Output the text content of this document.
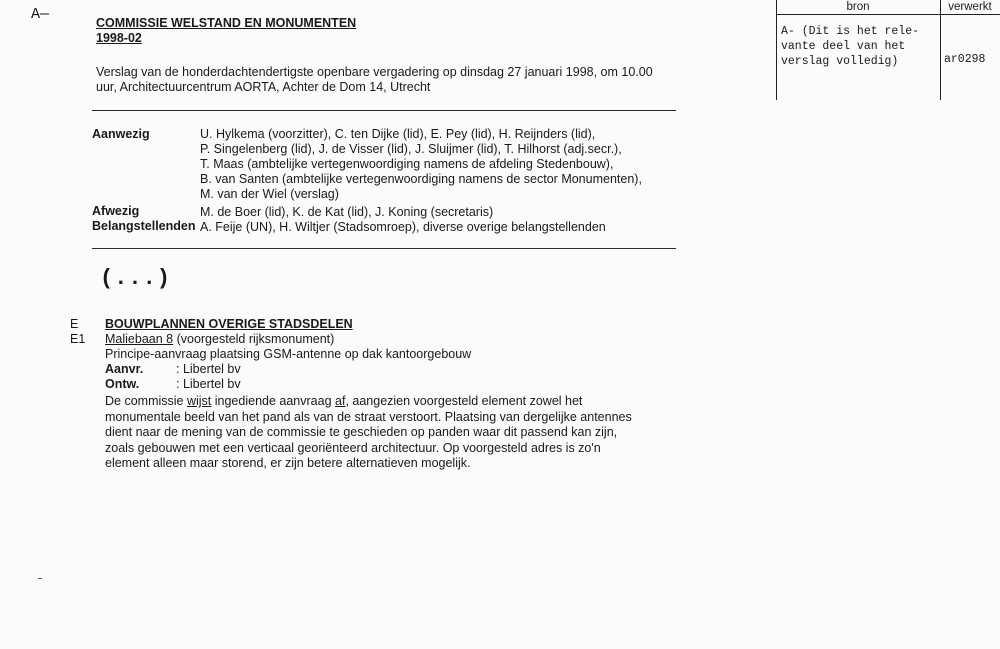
A—	COMMISSIE WELSTAND EN MONUMENTEN
1998-02
Verslag van de honderdachtendertigste openbare vergadering op dinsdag 27 januari 1998, om 10.00
uur, Architectuurcentrum AORTA, Achter de Dom 14, Utrecht
Aanwezig	U. Hylkema (voorzitter), C. ten Dijke (lid), E. Pey (lid), H. Reijnders (lid),
P. Singelenberg (lid), J. de Visser (lid), J. Sluijmer (lid), T. Hilhorst (adj.secr.),
T. Maas (ambtelijke vertegenwoordiging namens de afdeling Stedenbouw),
B. van Santen (ambtelijke vertegenwoordiging namens de sector Monumenten),
M. van der Wiel (verslag)
Afwezig	M. de Boer (lid), K. de Kat (lid), J. Koning (secretaris)
Belangstellenden A. Feije (UN), H. Wiltjer (Stadsomroep), diverse overige belangstellenden
(...)
E BOUWPLANNEN OVERIGE STADSDELEN
E1 Maliebaan 8 (voorgesteld rijksmonument)
Principe-aanvraag plaatsing GSM-antenne op dak kantoorgebouw
Aanvr.	: Libertel bv
Ontw.	: Libertel bv
De commissie wijst ingediende aanvraag af, aangezien voorgesteld element zowel het
monumentale beeld van het pand als van de straat verstoort. Plaatsing van dergelijke antennes
dient naar de mening van de commissie te geschieden op panden waar dit passend kan zijn,
zoals gebouwen met een verticaal georiënteerd architectuur. Op voorgesteld adres is zo'n
element alleen maar storend, er zijn betere alternatieven mogelijk.
bron	verwerkt
A- (Dit is het rele-
vante deel van het
verslag volledig)	ar0298
